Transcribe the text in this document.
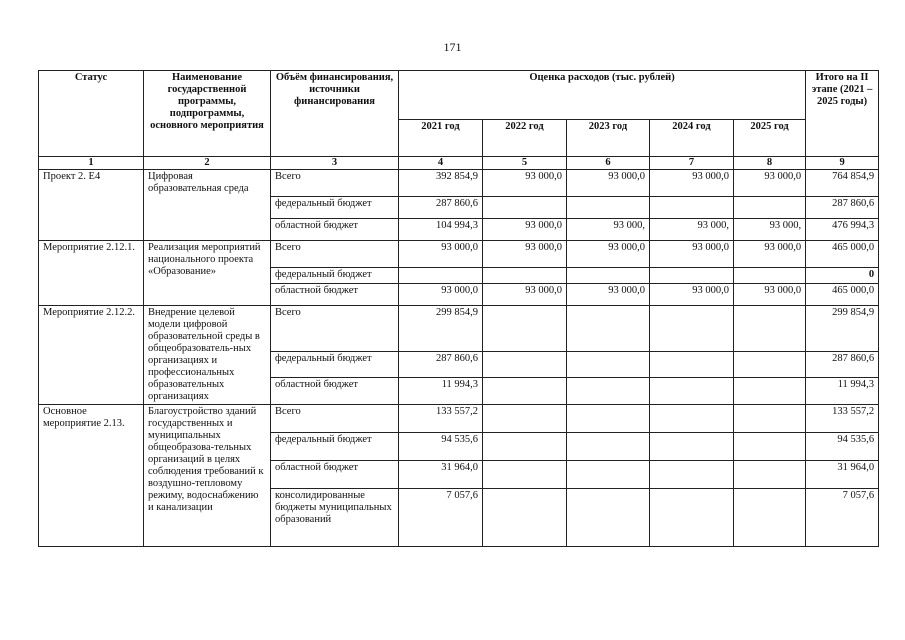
171
Статус	Наименование государственной программы, подпрограммы, основного мероприятия	Объём финансирования, источники финансирования	Оценка расходов (тыс. рублей)					Итого на II этапе (2021 – 2025 годы)
			2021 год	2022 год	2023 год	2024 год	2025 год	
1	2	3	4	5	6	7	8	9
Проект 2. Е4	Цифровая образовательная среда	Всего	392 854,9	93 000,0	93 000,0	93 000,0	93 000,0	764 854,9
		федеральный бюджет	287 860,6					287 860,6
		областной бюджет	104 994,3	93 000,0	93 000,	93 000,	93 000,	476 994,3
Мероприятие 2.12.1.	Реализация мероприятий национального проекта «Образование»	Всего	93 000,0	93 000,0	93 000,0	93 000,0	93 000,0	465 000,0
		федеральный бюджет						0
		областной бюджет	93 000,0	93 000,0	93 000,0	93 000,0	93 000,0	465 000,0
Мероприятие 2.12.2.	Внедрение целевой модели цифровой образовательной среды в общеобразователь-ных организациях и профессиональных образовательных организациях	Всего	299 854,9					299 854,9
		федеральный бюджет	287 860,6					287 860,6
		областной бюджет	11 994,3					11 994,3
Основное мероприятие 2.13.	Благоустройство зданий государственных и муниципальных общеобразова-тельных организаций в целях соблюдения требований к воздушно-тепловому режиму, водоснабжению и канализации	Всего	133 557,2					133 557,2
		федеральный бюджет	94 535,6					94 535,6
		областной бюджет	31 964,0					31 964,0
		консолидированные бюджеты муниципальных образований	7 057,6					7 057,6
